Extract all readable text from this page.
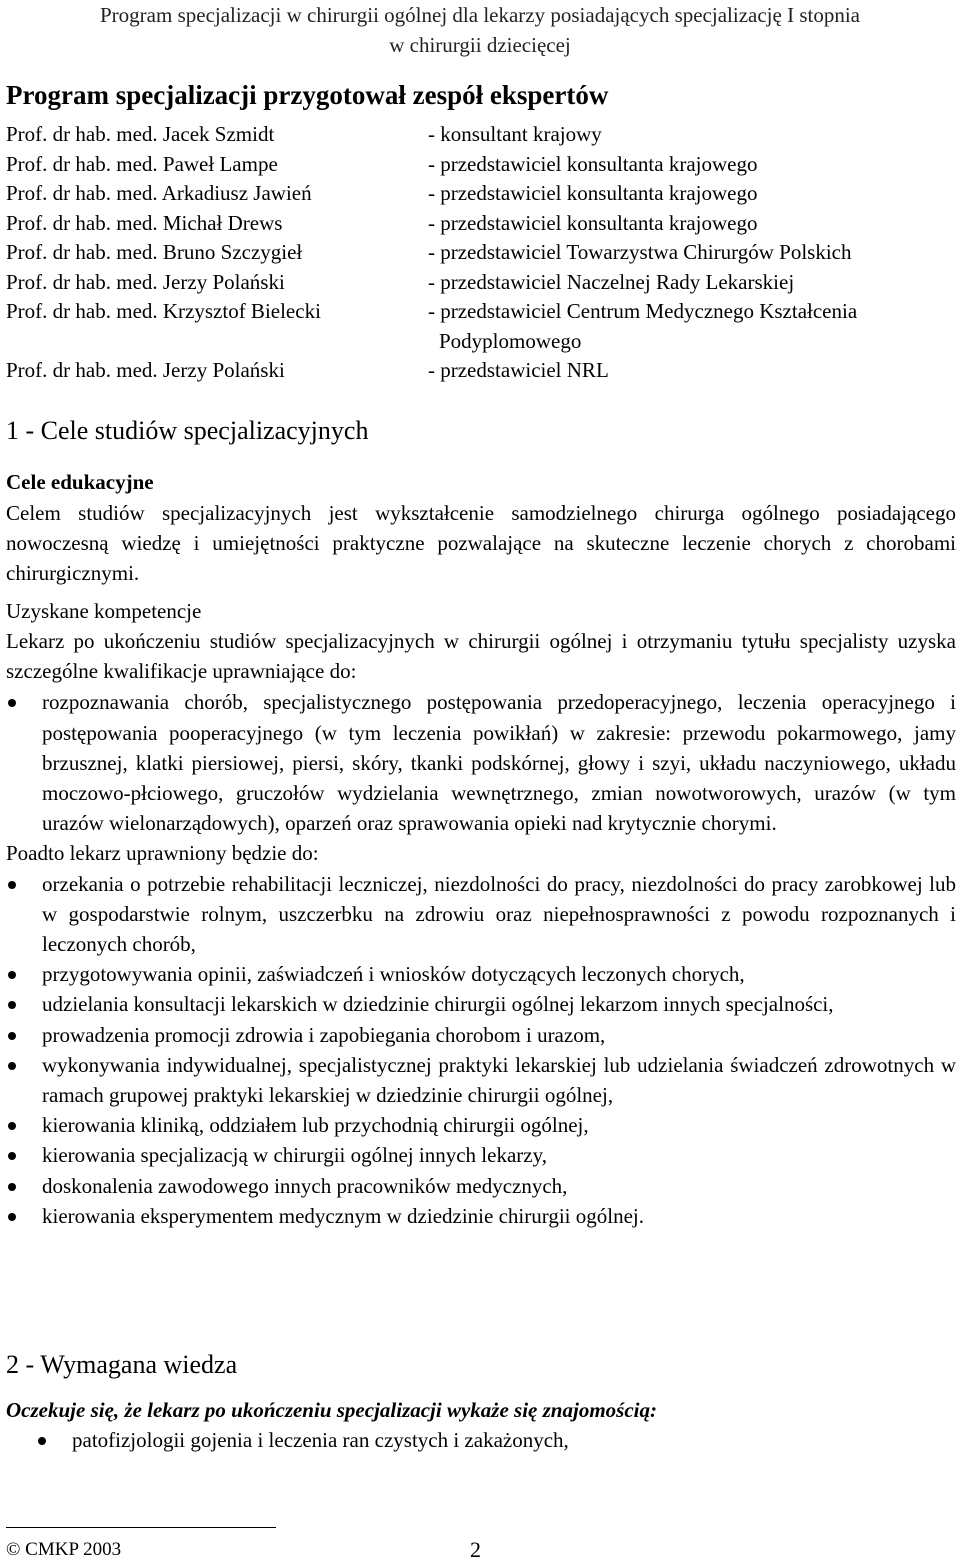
Program specjalizacji w chirurgii ogólnej dla lekarzy posiadających specjalizację I stopnia
w chirurgii dziecięcej
Program specjalizacji przygotował zespół ekspertów
Prof. dr hab. med. Jacek Szmidt	- konsultant krajowy
Prof. dr hab. med. Paweł Lampe	- przedstawiciel konsultanta krajowego
Prof. dr hab. med. Arkadiusz Jawień	- przedstawiciel konsultanta krajowego
Prof. dr hab. med. Michał Drews	- przedstawiciel konsultanta krajowego
Prof. dr hab. med. Bruno Szczygieł	- przedstawiciel Towarzystwa Chirurgów Polskich
Prof. dr hab. med. Jerzy Polański	- przedstawiciel Naczelnej Rady Lekarskiej
Prof. dr hab. med. Krzysztof Bielecki	- przedstawiciel Centrum Medycznego Kształcenia
Podyplomowego
Prof. dr hab. med. Jerzy Polański	- przedstawiciel NRL
1 - Cele studiów specjalizacyjnych
Cele edukacyjne
Celem studiów specjalizacyjnych jest wykształcenie samodzielnego chirurga ogólnego posiadającego nowoczesną wiedzę i umiejętności praktyczne pozwalające na skuteczne leczenie chorych z chorobami chirurgicznymi.
Uzyskane kompetencje
Lekarz po ukończeniu studiów specjalizacyjnych w chirurgii ogólnej i otrzymaniu tytułu specjalisty uzyska szczególne kwalifikacje uprawniające do:
rozpoznawania chorób, specjalistycznego postępowania przedoperacyjnego, leczenia operacyjnego i postępowania pooperacyjnego (w tym leczenia powikłań) w zakresie: przewodu pokarmowego, jamy brzusznej, klatki piersiowej, piersi, skóry, tkanki podskórnej, głowy i szyi, układu naczyniowego, układu moczowo-płciowego, gruczołów wydzielania wewnętrznego, zmian nowotworowych, urazów (w tym urazów wielonarządowych), oparzeń oraz sprawowania opieki nad krytycznie chorymi.
Poadto lekarz uprawniony będzie do:
orzekania o potrzebie rehabilitacji leczniczej, niezdolności do pracy, niezdolności do pracy zarobkowej lub w gospodarstwie rolnym, uszczerbku na zdrowiu oraz niepełnosprawności z powodu rozpoznanych i leczonych chorób,
przygotowywania opinii, zaświadczeń i wniosków dotyczących leczonych chorych,
udzielania konsultacji lekarskich w dziedzinie chirurgii ogólnej lekarzom innych specjalności,
prowadzenia promocji zdrowia i zapobiegania chorobom i urazom,
wykonywania indywidualnej, specjalistycznej praktyki lekarskiej lub udzielania świadczeń zdrowotnych w ramach grupowej praktyki lekarskiej w dziedzinie chirurgii ogólnej,
kierowania kliniką, oddziałem lub przychodnią chirurgii ogólnej,
kierowania specjalizacją w chirurgii ogólnej innych lekarzy,
doskonalenia zawodowego innych pracowników medycznych,
kierowania eksperymentem medycznym w dziedzinie chirurgii ogólnej.
2 - Wymagana wiedza
Oczekuje się, że lekarz po ukończeniu specjalizacji wykaże się znajomością:
patofizjologii gojenia i leczenia ran czystych i zakażonych,
© CMKP 2003	2
